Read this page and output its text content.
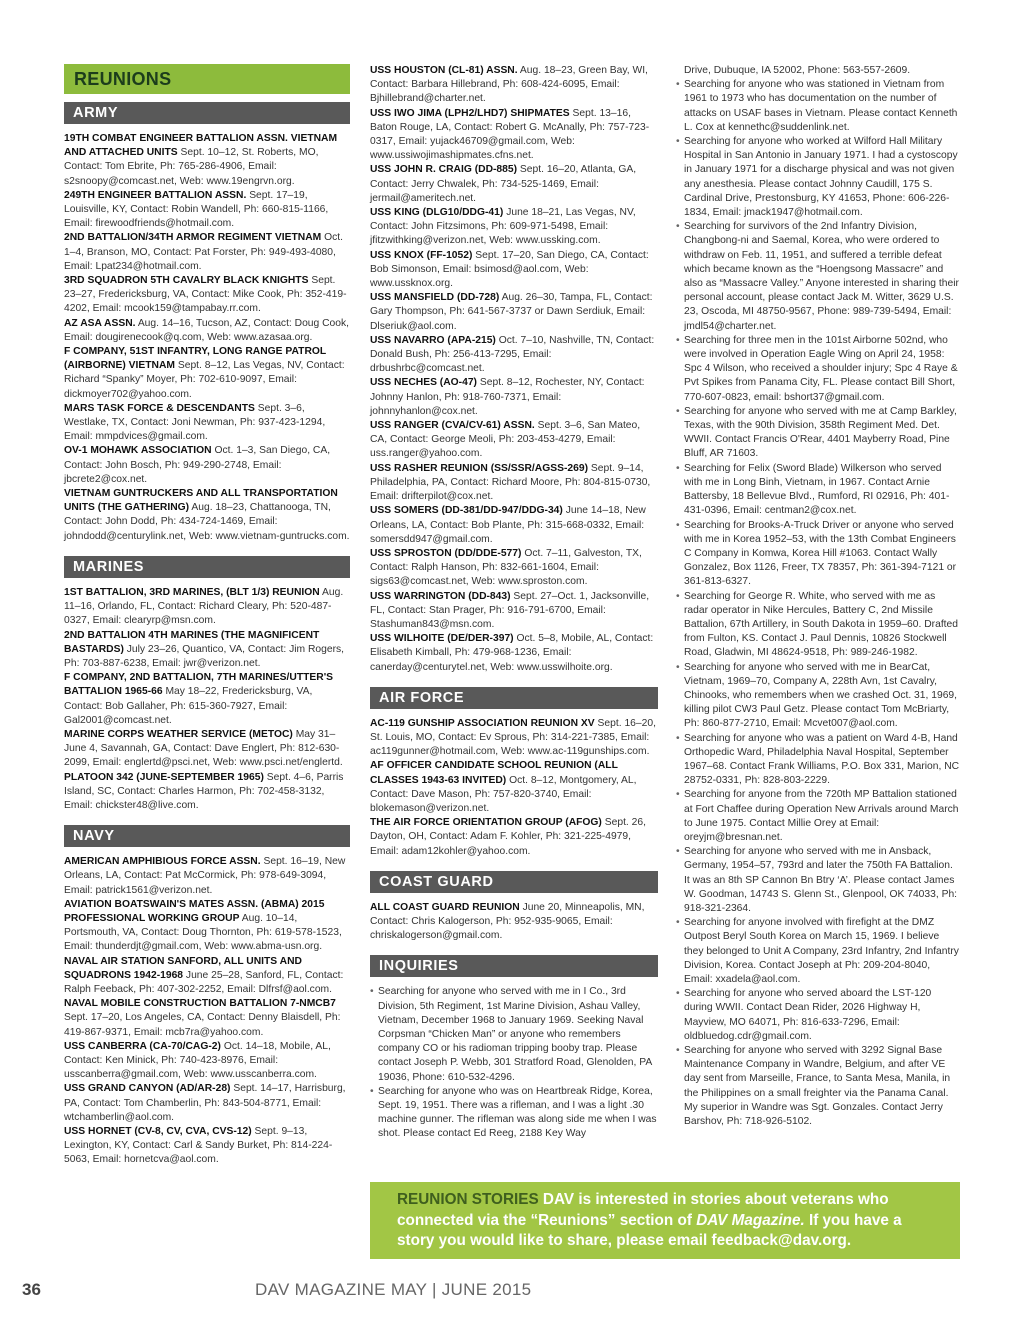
REUNIONS
ARMY
19TH COMBAT ENGINEER BATTALION ASSN. VIETNAM AND ATTACHED UNITS Sept. 10–12, St. Roberts, MO, Contact: Tom Ebrite, Ph: 765-286-4906, Email: s2snoopy@comcast.net, Web: www.19engrvn.org.
249TH ENGINEER BATTALION ASSN. Sept. 17–19, Louisville, KY, Contact: Robin Wandell, Ph: 660-815-1166, Email: firewoodfriends@hotmail.com.
2ND BATTALION/34TH ARMOR REGIMENT VIETNAM Oct. 1–4, Branson, MO, Contact: Pat Forster, Ph: 949-493-4080, Email: Lpat234@hotmail.com.
3RD SQUADRON 5TH CAVALRY BLACK KNIGHTS Sept. 23–27, Fredericksburg, VA, Contact: Mike Cook, Ph: 352-419-4202, Email: mcook159@tampabay.rr.com.
AZ ASA ASSN. Aug. 14–16, Tucson, AZ, Contact: Doug Cook, Email: dougirenecook@q.com, Web: www.azasaa.org.
F COMPANY, 51ST INFANTRY, LONG RANGE PATROL (AIRBORNE) VIETNAM Sept. 8–12, Las Vegas, NV, Contact: Richard “Spanky” Moyer, Ph: 702-610-9097, Email: dickmoyer702@yahoo.com.
MARS TASK FORCE & DESCENDANTS Sept. 3–6, Westlake, TX, Contact: Joni Newman, Ph: 937-423-1294, Email: mmpdvices@gmail.com.
OV-1 MOHAWK ASSOCIATION Oct. 1–3, San Diego, CA, Contact: John Bosch, Ph: 949-290-2748, Email: jbcrete2@cox.net.
VIETNAM GUNTRUCKERS AND ALL TRANSPORTATION UNITS (THE GATHERING) Aug. 18–23, Chattanooga, TN, Contact: John Dodd, Ph: 434-724-1469, Email: johndodd@centurylink.net, Web: www.vietnam-guntrucks.com.
MARINES
1ST BATTALION, 3RD MARINES, (BLT 1/3) REUNION Aug. 11–16, Orlando, FL, Contact: Richard Cleary, Ph: 520-487-0327, Email: clearyrp@msn.com.
2ND BATTALION 4TH MARINES (THE MAGNIFICENT BASTARDS) July 23–26, Quantico, VA, Contact: Jim Rogers, Ph: 703-887-6238, Email: jwr@verizon.net.
F COMPANY, 2ND BATTALION, 7TH MARINES/UTTER'S BATTALION 1965-66 May 18–22, Fredericksburg, VA, Contact: Bob Gallaher, Ph: 615-360-7927, Email: Gal2001@comcast.net.
MARINE CORPS WEATHER SERVICE (METOC) May 31–June 4, Savannah, GA, Contact: Dave Englert, Ph: 812-630-2099, Email: englertd@psci.net, Web: www.psci.net/englertd.
PLATOON 342 (JUNE-SEPTEMBER 1965) Sept. 4–6, Parris Island, SC, Contact: Charles Harmon, Ph: 702-458-3132, Email: chickster48@live.com.
NAVY
AMERICAN AMPHIBIOUS FORCE ASSN. Sept. 16–19, New Orleans, LA, Contact: Pat McCormick, Ph: 978-649-3094, Email: patrick1561@verizon.net.
AVIATION BOATSWAIN'S MATES ASSN. (ABMA) 2015 PROFESSIONAL WORKING GROUP Aug. 10–14, Portsmouth, VA, Contact: Doug Thornton, Ph: 619-578-1523, Email: thunderdjt@gmail.com, Web: www.abma-usn.org.
NAVAL AIR STATION SANFORD, ALL UNITS AND SQUADRONS 1942-1968 June 25–28, Sanford, FL, Contact: Ralph Feeback, Ph: 407-302-2252, Email: Dlfrsf@aol.com.
NAVAL MOBILE CONSTRUCTION BATTALION 7-NMCB7 Sept. 17–20, Los Angeles, CA, Contact: Denny Blaisdell, Ph: 419-867-9371, Email: mcb7ra@yahoo.com.
USS CANBERRA (CA-70/CAG-2) Oct. 14–18, Mobile, AL, Contact: Ken Minick, Ph: 740-423-8976, Email: usscanberra@gmail.com, Web: www.usscanberra.com.
USS GRAND CANYON (AD/AR-28) Sept. 14–17, Harrisburg, PA, Contact: Tom Chamberlin, Ph: 843-504-8771, Email: wtchamberlin@aol.com.
USS HORNET (CV-8, CV, CVA, CVS-12) Sept. 9–13, Lexington, KY, Contact: Carl & Sandy Burket, Ph: 814-224-5063, Email: hornetcva@aol.com.
USS HOUSTON (CL-81) ASSN. Aug. 18–23, Green Bay, WI, Contact: Barbara Hillebrand, Ph: 608-424-6095, Email: Bjhillebrand@charter.net.
USS IWO JIMA (LPH2/LHD7) SHIPMATES Sept. 13–16, Baton Rouge, LA, Contact: Robert G. McAnally, Ph: 757-723-0317, Email: yujack46709@gmail.com, Web: www.ussiwojimashipmates.cfns.net.
USS JOHN R. CRAIG (DD-885) Sept. 16–20, Atlanta, GA, Contact: Jerry Chwalek, Ph: 734-525-1469, Email: jermail@ameritech.net.
USS KING (DLG10/DDG-41) June 18–21, Las Vegas, NV, Contact: John Fitzsimons, Ph: 609-971-5498, Email: jfitzwithking@verizon.net, Web: www.ussking.com.
USS KNOX (FF-1052) Sept. 17–20, San Diego, CA, Contact: Bob Simonson, Email: bsimosd@aol.com, Web: www.ussknox.org.
USS MANSFIELD (DD-728) Aug. 26–30, Tampa, FL, Contact: Gary Thompson, Ph: 641-567-3737 or Dawn Serdiuk, Email: Dlseriuk@aol.com.
USS NAVARRO (APA-215) Oct. 7–10, Nashville, TN, Contact: Donald Bush, Ph: 256-413-7295, Email: drbushrbc@comcast.net.
USS NECHES (AO-47) Sept. 8–12, Rochester, NY, Contact: Johnny Hanlon, Ph: 918-760-7371, Email: johnnyhanlon@cox.net.
USS RANGER (CVA/CV-61) ASSN. Sept. 3–6, San Mateo, CA, Contact: George Meoli, Ph: 203-453-4279, Email: uss.ranger@yahoo.com.
USS RASHER REUNION (SS/SSR/AGSS-269) Sept. 9–14, Philadelphia, PA, Contact: Richard Moore, Ph: 804-815-0730, Email: drifterpilot@cox.net.
USS SOMERS (DD-381/DD-947/DDG-34) June 14–18, New Orleans, LA, Contact: Bob Plante, Ph: 315-668-0332, Email: somersdd947@gmail.com.
USS SPROSTON (DD/DDE-577) Oct. 7–11, Galveston, TX, Contact: Ralph Hanson, Ph: 832-661-1604, Email: sigs63@comcast.net, Web: www.sproston.com.
USS WARRINGTON (DD-843) Sept. 27–Oct. 1, Jacksonville, FL, Contact: Stan Prager, Ph: 916-791-6700, Email: Stashuman843@msn.com.
USS WILHOITE (DE/DER-397) Oct. 5–8, Mobile, AL, Contact: Elisabeth Kimball, Ph: 479-968-1236, Email: canerday@centurytel.net, Web: www.usswilhoite.org.
AIR FORCE
AC-119 GUNSHIP ASSOCIATION REUNION XV Sept. 16–20, St. Louis, MO, Contact: Ev Sprous, Ph: 314-221-7385, Email: ac119gunner@hotmail.com, Web: www.ac-119gunships.com.
AF OFFICER CANDIDATE SCHOOL REUNION (ALL CLASSES 1943-63 INVITED) Oct. 8–12, Montgomery, AL, Contact: Dave Mason, Ph: 757-820-3740, Email: blokemason@verizon.net.
THE AIR FORCE ORIENTATION GROUP (AFOG) Sept. 26, Dayton, OH, Contact: Adam F. Kohler, Ph: 321-225-4979, Email: adam12kohler@yahoo.com.
COAST GUARD
ALL COAST GUARD REUNION June 20, Minneapolis, MN, Contact: Chris Kalogerson, Ph: 952-935-9065, Email: chriskalogerson@gmail.com.
INQUIRIES
• Searching for anyone who served with me in I Co., 3rd Division, 5th Regiment, 1st Marine Division, Ashau Valley, Vietnam, December 1968 to January 1969. Seeking Naval Corpsman “Chicken Man” or anyone who remembers company CO or his radioman tripping booby trap. Please contact Joseph P. Webb, 301 Stratford Road, Glenolden, PA 19036, Phone: 610-532-4296.
• Searching for anyone who was on Heartbreak Ridge, Korea, Sept. 19, 1951. There was a rifleman, and I was a light .30 machine gunner. The rifleman was along side me when I was shot. Please contact Ed Reeg, 2188 Key Way
Drive, Dubuque, IA 52002, Phone: 563-557-2609.
• Searching for anyone who was stationed in Vietnam from 1961 to 1973 who has documentation on the number of attacks on USAF bases in Vietnam. Please contact Kenneth L. Cox at kennethc@suddenlink.net.
• Searching for anyone who worked at Wilford Hall Military Hospital in San Antonio in January 1971. I had a cystoscopy in January 1971 for a discharge physical and was not given any anesthesia. Please contact Johnny Caudill, 175 S. Cardinal Drive, Prestonsburg, KY 41653, Phone: 606-226-1834, Email: jmack1947@hotmail.com.
• Searching for survivors of the 2nd Infantry Division, Changbong-ni and Saemal, Korea, who were ordered to withdraw on Feb. 11, 1951, and suffered a terrible defeat which became known as the “Hoengsong Massacre” and also as “Massacre Valley.” Anyone interested in sharing their personal account, please contact Jack M. Witter, 3629 U.S. 23, Oscoda, MI 48750-9567, Phone: 989-739-5494, Email: jmdl54@charter.net.
• Searching for three men in the 101st Airborne 502nd, who were involved in Operation Eagle Wing on April 24, 1958: Spc 4 Wilson, who received a shoulder injury; Spc 4 Raye & Pvt Spikes from Panama City, FL. Please contact Bill Short, 770-607-0823, email: bshort37@gmail.com.
• Searching for anyone who served with me at Camp Barkley, Texas, with the 90th Division, 358th Regiment Med. Det. WWII. Contact Francis O'Rear, 4401 Mayberry Road, Pine Bluff, AR 71603.
• Searching for Felix (Sword Blade) Wilkerson who served with me in Long Binh, Vietnam, in 1967. Contact Arnie Battersby, 18 Bellevue Blvd., Rumford, RI 02916, Ph: 401-431-0396, Email: centman2@cox.net.
• Searching for Brooks-A-Truck Driver or anyone who served with me in Korea 1952–53, with the 13th Combat Engineers C Company in Komwa, Korea Hill #1063. Contact Wally Gonzalez, Box 1126, Freer, TX 78357, Ph: 361-394-7121 or 361-813-6327.
• Searching for George R. White, who served with me as radar operator in Nike Hercules, Battery C, 2nd Missile Battalion, 67th Artillery, in South Dakota in 1959–60. Drafted from Fulton, KS. Contact J. Paul Dennis, 10826 Stockwell Road, Gladwin, MI 48624-9518, Ph: 989-246-1982.
• Searching for anyone who served with me in BearCat, Vietnam, 1969–70, Company A, 228th Avn, 1st Cavalry, Chinooks, who remembers when we crashed Oct. 31, 1969, killing pilot CW3 Paul Getz. Please contact Tom McBriarty, Ph: 860-877-2710, Email: Mcvet007@aol.com.
• Searching for anyone who was a patient on Ward 4-B, Hand Orthopedic Ward, Philadelphia Naval Hospital, September 1967–68. Contact Frank Williams, P.O. Box 331, Marion, NC 28752-0331, Ph: 828-803-2229.
• Searching for anyone from the 720th MP Battalion stationed at Fort Chaffee during Operation New Arrivals around March to June 1975. Contact Millie Orey at Email: oreyjm@bresnan.net.
• Searching for anyone who served with me in Ansback, Germany, 1954–57, 793rd and later the 750th FA Battalion. It was an 8th SP Cannon Bn Btry ‘A’. Please contact James W. Goodman, 14743 S. Glenn St., Glenpool, OK 74033, Ph: 918-321-2364.
• Searching for anyone involved with firefight at the DMZ Outpost Beryl South Korea on March 15, 1969. I believe they belonged to Unit A Company, 23rd Infantry, 2nd Infantry Division, Korea. Contact Joseph at Ph: 209-204-8040, Email: xxadela@aol.com.
• Searching for anyone who served aboard the LST-120 during WWII. Contact Dean Rider, 2026 Highway H, Mayview, MO 64071, Ph: 816-633-7296, Email: oldbluedog.cdr@gmail.com.
• Searching for anyone who served with 3292 Signal Base Maintenance Company in Wandre, Belgium, and after VE day sent from Marseille, France, to Santa Mesa, Manila, in the Philippines on a small freighter via the Panama Canal. My superior in Wandre was Sgt. Gonzales. Contact Jerry Barshov, Ph: 718-926-5102.
REUNION STORIES DAV is interested in stories about veterans who connected via the “Reunions” section of DAV Magazine. If you have a story you would like to share, please email feedback@dav.org.
36	DAV MAGAZINE MAY | JUNE 2015
